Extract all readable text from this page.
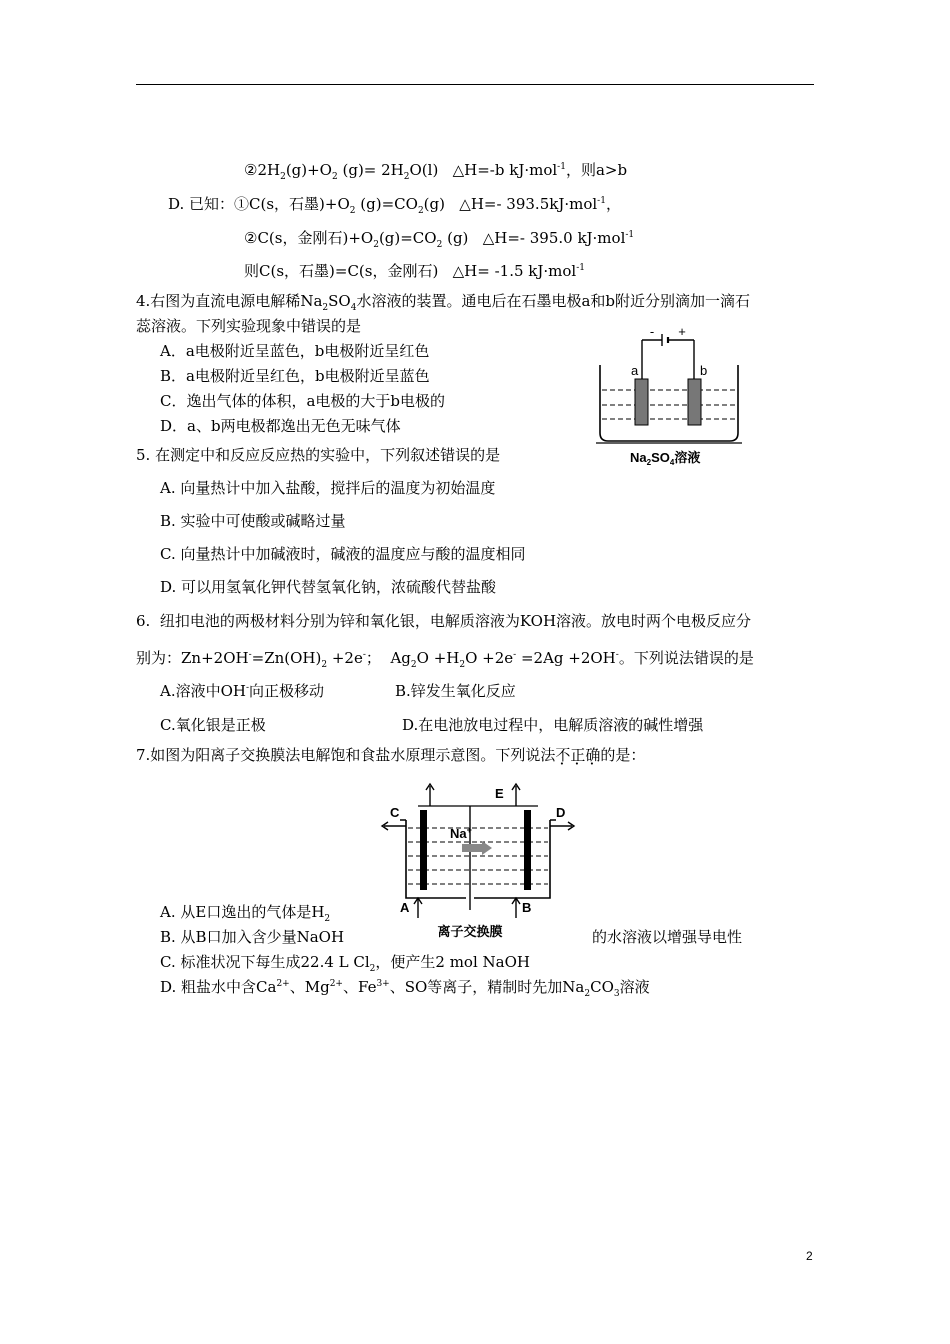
$②2H_2(g)+O_2$ $(g)= 2H_2O(l)$   △H=-b kJ·mol$^{-1}$，则a>b
D. 已知：①C(s，石墨)$+O_2$ $(g)=CO_2(g)$   △H=- 393.5kJ·mol$^{-1}$，
②C(s，金刚石)$+O_2(g)=CO_2$ (g)   △H=- 395.0 kJ·mol$^{-1}$
则C(s，石墨)=C(s，金刚石)   △H= -1.5 kJ·mol$^{-1}$
4.右图为直流电源电解稀$Na_2SO_4$水溶液的装置。通电后在石墨电极a和b附近分别滴加一滴石
蕊溶液。下列实验现象中错误的是
A．a电极附近呈蓝色，b电极附近呈红色
B．a电极附近呈红色，b电极附近呈蓝色
C．逸出气体的体积，a电极的大于b电极的
D．a、b两电极都逸出无色无味气体
- +
a	b
$Na_2SO_4$溶液
5. 在测定中和反应反应热的实验中，下列叙述错误的是
A. 向量热计中加入盐酸，搅拌后的温度为初始温度
B. 实验中可使酸或碱略过量
C. 向量热计中加碱液时，碱液的温度应与酸的温度相同
D. 可以用氢氧化钾代替氢氧化钠，浓硫酸代替盐酸
6.  纽扣电池的两极材料分别为锌和氧化银，电解质溶液为KOH溶液。放电时两个电极反应分
别为：$Zn+2OH^-=Zn(OH)_2 +2e^-$；  $Ag_2O +H_2O +2e^- =2Ag +2OH^-$。下列说法错误的是
A.溶液中OH-向正极移动	B.锌发生氧化反应
C.氧化银是正极	D.在电池放电过程中，电解质溶液的碱性增强
7.如图为阳离子交换膜法电解饱和食盐水原理示意图。下列说法不正确的是：
C	D
E
Na+
A	B
离子交换膜
A. 从E口逸出的气体是$H_2$
B. 从B口加入含少量NaOH	的水溶液以增强导电性
C. 标准状况下每生成22.4 L $Cl_2$，便产生2 mol NaOH
D. 粗盐水中含$Ca^{2+}$、$Mg^{2+}$、$Fe^{3+}$、SO等离子，精制时先加$Na_2CO_3$溶液
2
